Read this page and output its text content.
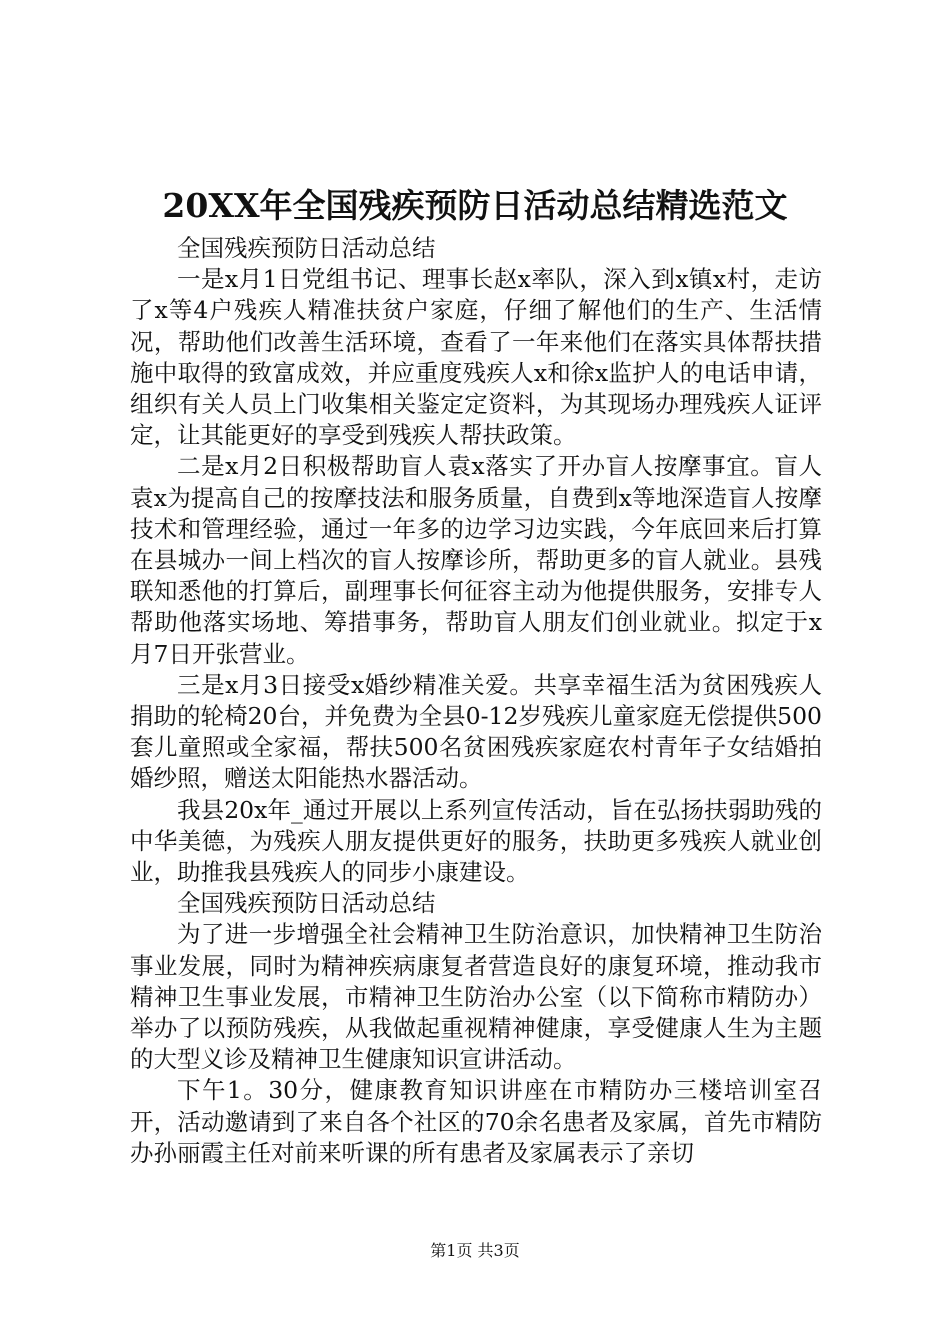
20XX年全国残疾预防日活动总结精选范文

全国残疾预防日活动总结

一是x月1日党组书记、理事长赵x率队，深入到x镇x村，走访了x等4户残疾人精准扶贫户家庭，仔细了解他们的生产、生活情况，帮助他们改善生活环境，查看了一年来他们在落实具体帮扶措施中取得的致富成效，并应重度残疾人x和徐x监护人的电话申请，组织有关人员上门收集相关鉴定定资料，为其现场办理残疾人证评定，让其能更好的享受到残疾人帮扶政策。

二是x月2日积极帮助盲人袁x落实了开办盲人按摩事宜。盲人袁x为提高自己的按摩技法和服务质量，自费到x等地深造盲人按摩技术和管理经验，通过一年多的边学习边实践，今年底回来后打算在县城办一间上档次的盲人按摩诊所，帮助更多的盲人就业。县残联知悉他的打算后，副理事长何征容主动为他提供服务，安排专人帮助他落实场地、筹措事务，帮助盲人朋友们创业就业。拟定于x月7日开张营业。

三是x月3日接受x婚纱精准关爱。共享幸福生活为贫困残疾人捐助的轮椅20台，并免费为全县0-12岁残疾儿童家庭无偿提供500套儿童照或全家福，帮扶500名贫困残疾家庭农村青年子女结婚拍婚纱照，赠送太阳能热水器活动。

我县20x年_通过开展以上系列宣传活动，旨在弘扬扶弱助残的中华美德，为残疾人朋友提供更好的服务，扶助更多残疾人就业创业，助推我县残疾人的同步小康建设。

全国残疾预防日活动总结

为了进一步增强全社会精神卫生防治意识，加快精神卫生防治事业发展，同时为精神疾病康复者营造良好的康复环境，推动我市精神卫生事业发展，市精神卫生防治办公室（以下简称市精防办）举办了以预防残疾，从我做起重视精神健康，享受健康人生为主题的大型义诊及精神卫生健康知识宣讲活动。

下午1。30分，健康教育知识讲座在市精防办三楼培训室召开，活动邀请到了来自各个社区的70余名患者及家属，首先市精防办孙丽霞主任对前来听课的所有患者及家属表示了亲切

第1页 共3页
